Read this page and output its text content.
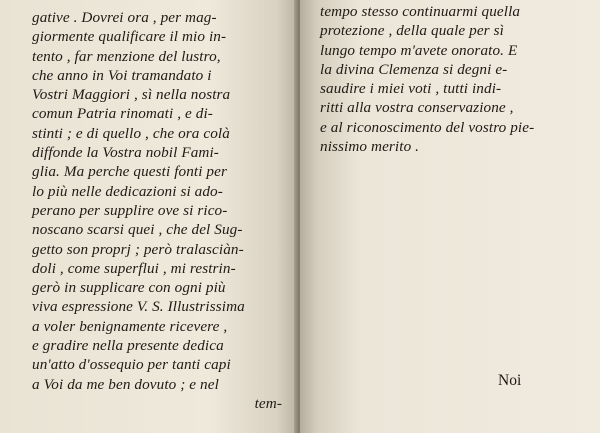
gative . Dovrei ora , per mag-
giormente qualificare il mio in-
tento , far menzione del lustro,
che anno in Voi tramandato i
Vostri Maggiori , sì nella nostra
comun Patria rinomati , e di-
stinti ; e di quello , che ora colà
diffonde la Vostra nobil Fami-
glia. Ma perche questi fonti per
lo più nelle dedicazioni si ado-
perano per supplire ove si rico-
noscano scarsi quei , che del Sug-
getto son proprj ; però tralasciàn-
doli , come superflui , mi restrin-
gerò in supplicare con ogni più
viva espressione V. S. Illustrissima
a voler benignamente ricevere ,
e gradire nella presente dedica
un'atto d'ossequio per tanti capi
a Voi da me ben dovuto ; e nel
tem-
tempo stesso continuarmi quella
protezione , della quale per sì
lungo tempo m'avete onorato. E
la divina Clemenza si degni e-
saudire i miei voti , tutti indi-
ritti alla vostra conservazione ,
e al riconoscimento del vostro pie-
nissimo merito .
Noi
